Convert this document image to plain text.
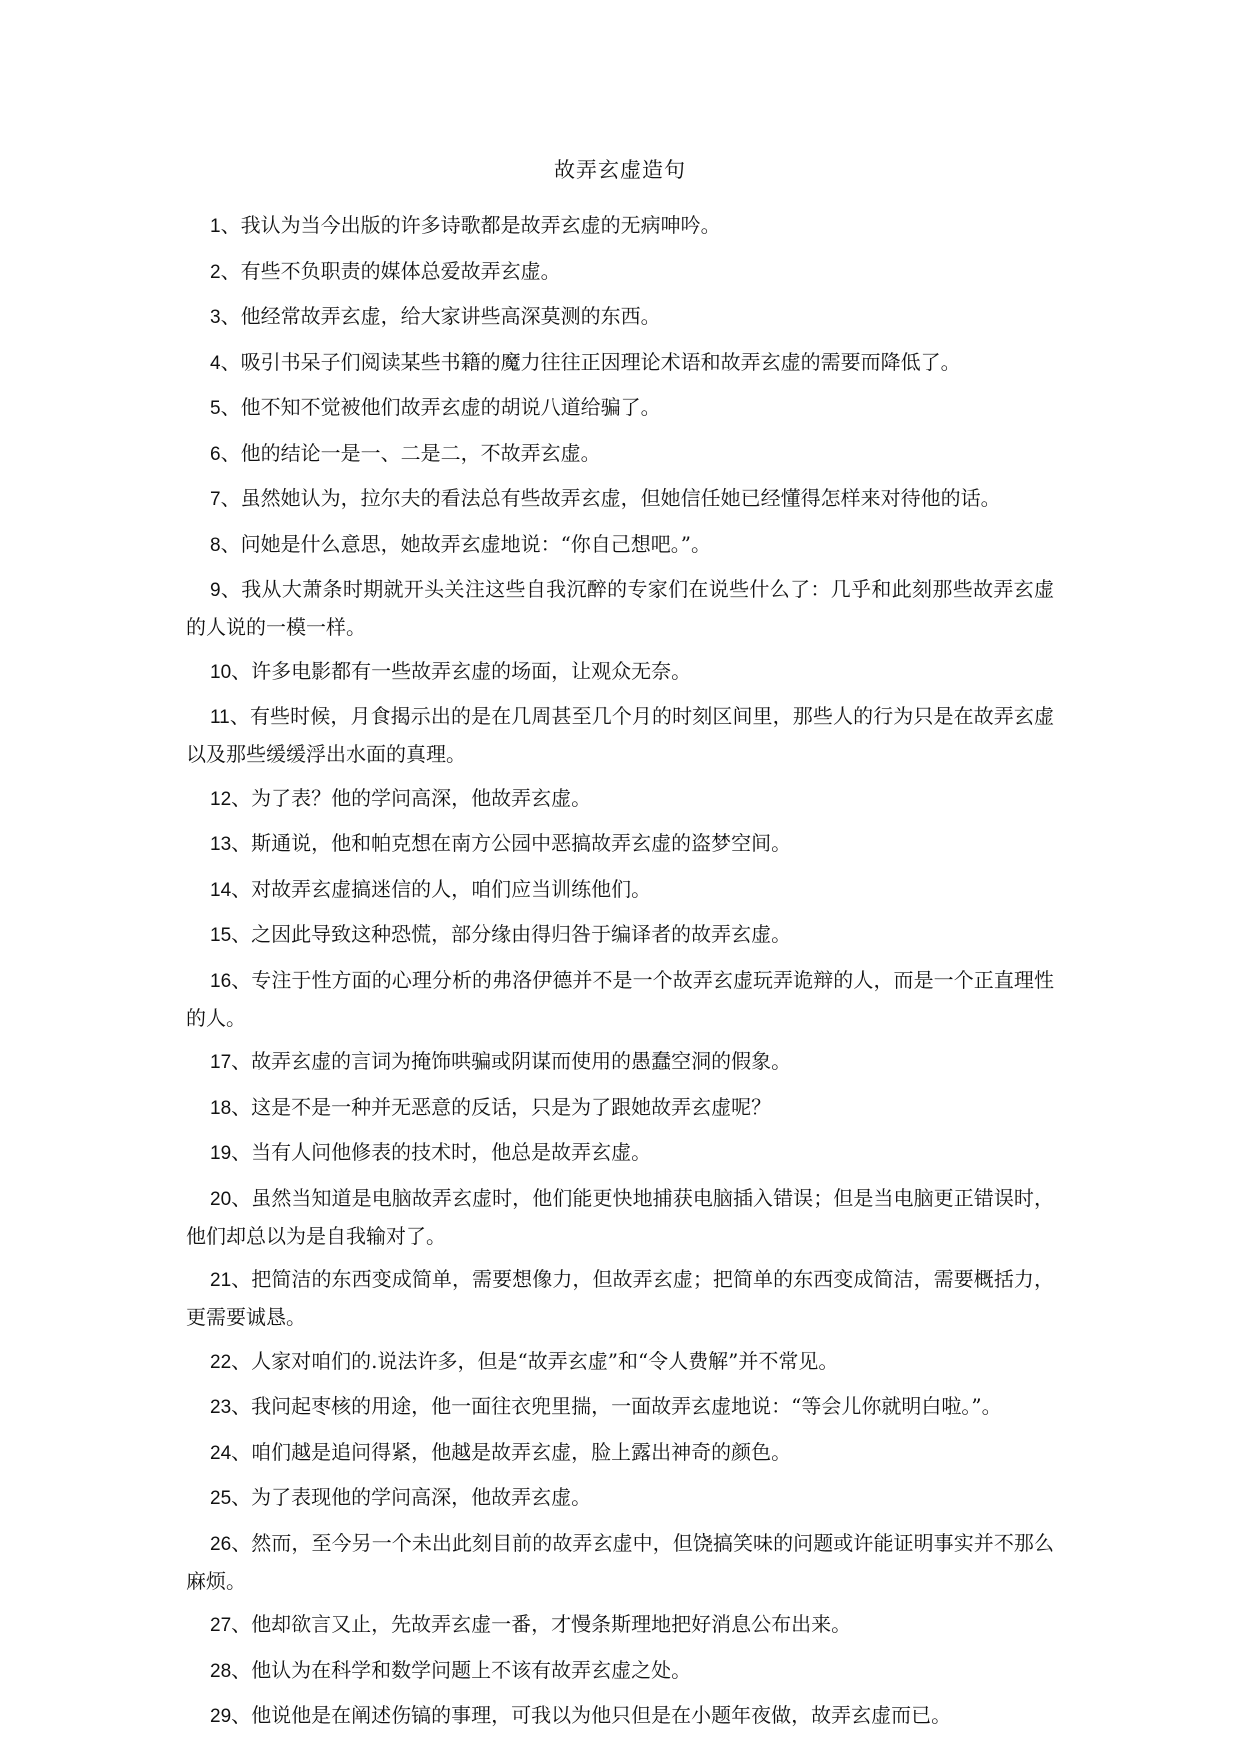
故弄玄虚造句

1、我认为当今出版的许多诗歌都是故弄玄虚的无病呻吟。

2、有些不负职责的媒体总爱故弄玄虚。

3、他经常故弄玄虚，给大家讲些高深莫测的东西。

4、吸引书呆子们阅读某些书籍的魔力往往正因理论术语和故弄玄虚的需要而降低了。

5、他不知不觉被他们故弄玄虚的胡说八道给骗了。

6、他的结论一是一、二是二，不故弄玄虚。

7、虽然她认为，拉尔夫的看法总有些故弄玄虚，但她信任她已经懂得怎样来对待他的话。

8、问她是什么意思，她故弄玄虚地说：“你自己想吧。”。

9、我从大萧条时期就开头关注这些自我沉醉的专家们在说些什么了：几乎和此刻那些故弄玄虚的人说的一模一样。

10、许多电影都有一些故弄玄虚的场面，让观众无奈。

11、有些时候，月食揭示出的是在几周甚至几个月的时刻区间里，那些人的行为只是在故弄玄虚以及那些缓缓浮出水面的真理。

12、为了表？他的学问高深，他故弄玄虚。

13、斯通说，他和帕克想在南方公园中恶搞故弄玄虚的盗梦空间。

14、对故弄玄虚搞迷信的人，咱们应当训练他们。

15、之因此导致这种恐慌，部分缘由得归咎于编译者的故弄玄虚。

16、专注于性方面的心理分析的弗洛伊德并不是一个故弄玄虚玩弄诡辩的人，而是一个正直理性的人。

17、故弄玄虚的言词为掩饰哄骗或阴谋而使用的愚蠢空洞的假象。

18、这是不是一种并无恶意的反话，只是为了跟她故弄玄虚呢？

19、当有人问他修表的技术时，他总是故弄玄虚。

20、虽然当知道是电脑故弄玄虚时，他们能更快地捕获电脑插入错误；但是当电脑更正错误时，他们却总以为是自我输对了。

21、把简洁的东西变成简单，需要想像力，但故弄玄虚；把简单的东西变成简洁，需要概括力，更需要诚恳。

22、人家对咱们的.说法许多，但是“故弄玄虚”和“令人费解”并不常见。

23、我问起枣核的用途，他一面往衣兜里揣，一面故弄玄虚地说：“等会儿你就明白啦。”。

24、咱们越是追问得紧，他越是故弄玄虚，脸上露出神奇的颜色。

25、为了表现他的学问高深，他故弄玄虚。

26、然而，至今另一个未出此刻目前的故弄玄虚中，但饶搞笑味的问题或许能证明事实并不那么麻烦。

27、他却欲言又止，先故弄玄虚一番，才慢条斯理地把好消息公布出来。

28、他认为在科学和数学问题上不该有故弄玄虚之处。

29、他说他是在阐述伤镐的事理，可我以为他只但是在小题年夜做，故弄玄虚而已。
